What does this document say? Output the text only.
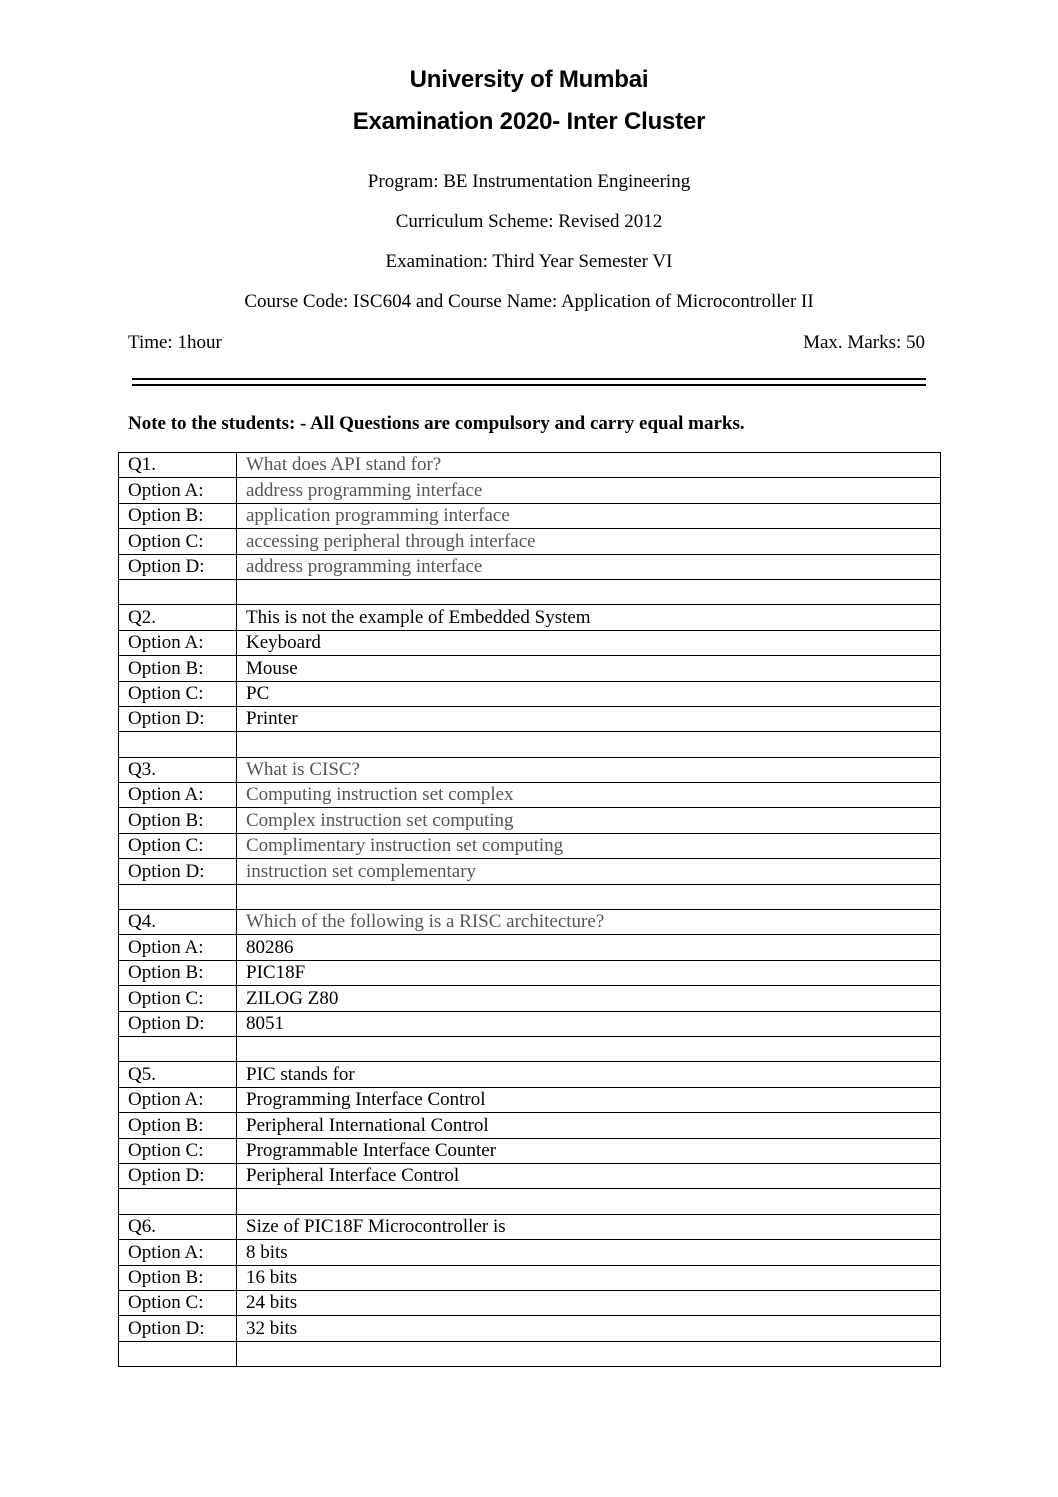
University of Mumbai
Examination 2020- Inter Cluster
Program: BE Instrumentation Engineering
Curriculum Scheme: Revised 2012
Examination: Third Year Semester VI
Course Code: ISC604 and Course Name: Application of Microcontroller II
Time: 1hour	Max. Marks: 50
Note to the students: - All Questions are compulsory and carry equal marks.
Q1.	What does API stand for?
Option A:	address programming interface
Option B:	application programming interface
Option C:	accessing peripheral through interface
Option D:	address programming interface

Q2.	This is not the example of Embedded System
Option A:	Keyboard
Option B:	Mouse
Option C:	PC
Option D:	Printer

Q3.	What is CISC?
Option A:	Computing instruction set complex
Option B:	Complex instruction set computing
Option C:	Complimentary instruction set computing
Option D:	instruction set complementary

Q4.	Which of the following is a RISC architecture?
Option A:	80286
Option B:	PIC18F
Option C:	ZILOG Z80
Option D:	8051

Q5.	PIC stands for
Option A:	Programming Interface Control
Option B:	Peripheral International Control
Option C:	Programmable Interface Counter
Option D:	Peripheral Interface Control

Q6.	Size of PIC18F Microcontroller is
Option A:	8 bits
Option B:	16 bits
Option C:	24 bits
Option D:	32 bits
